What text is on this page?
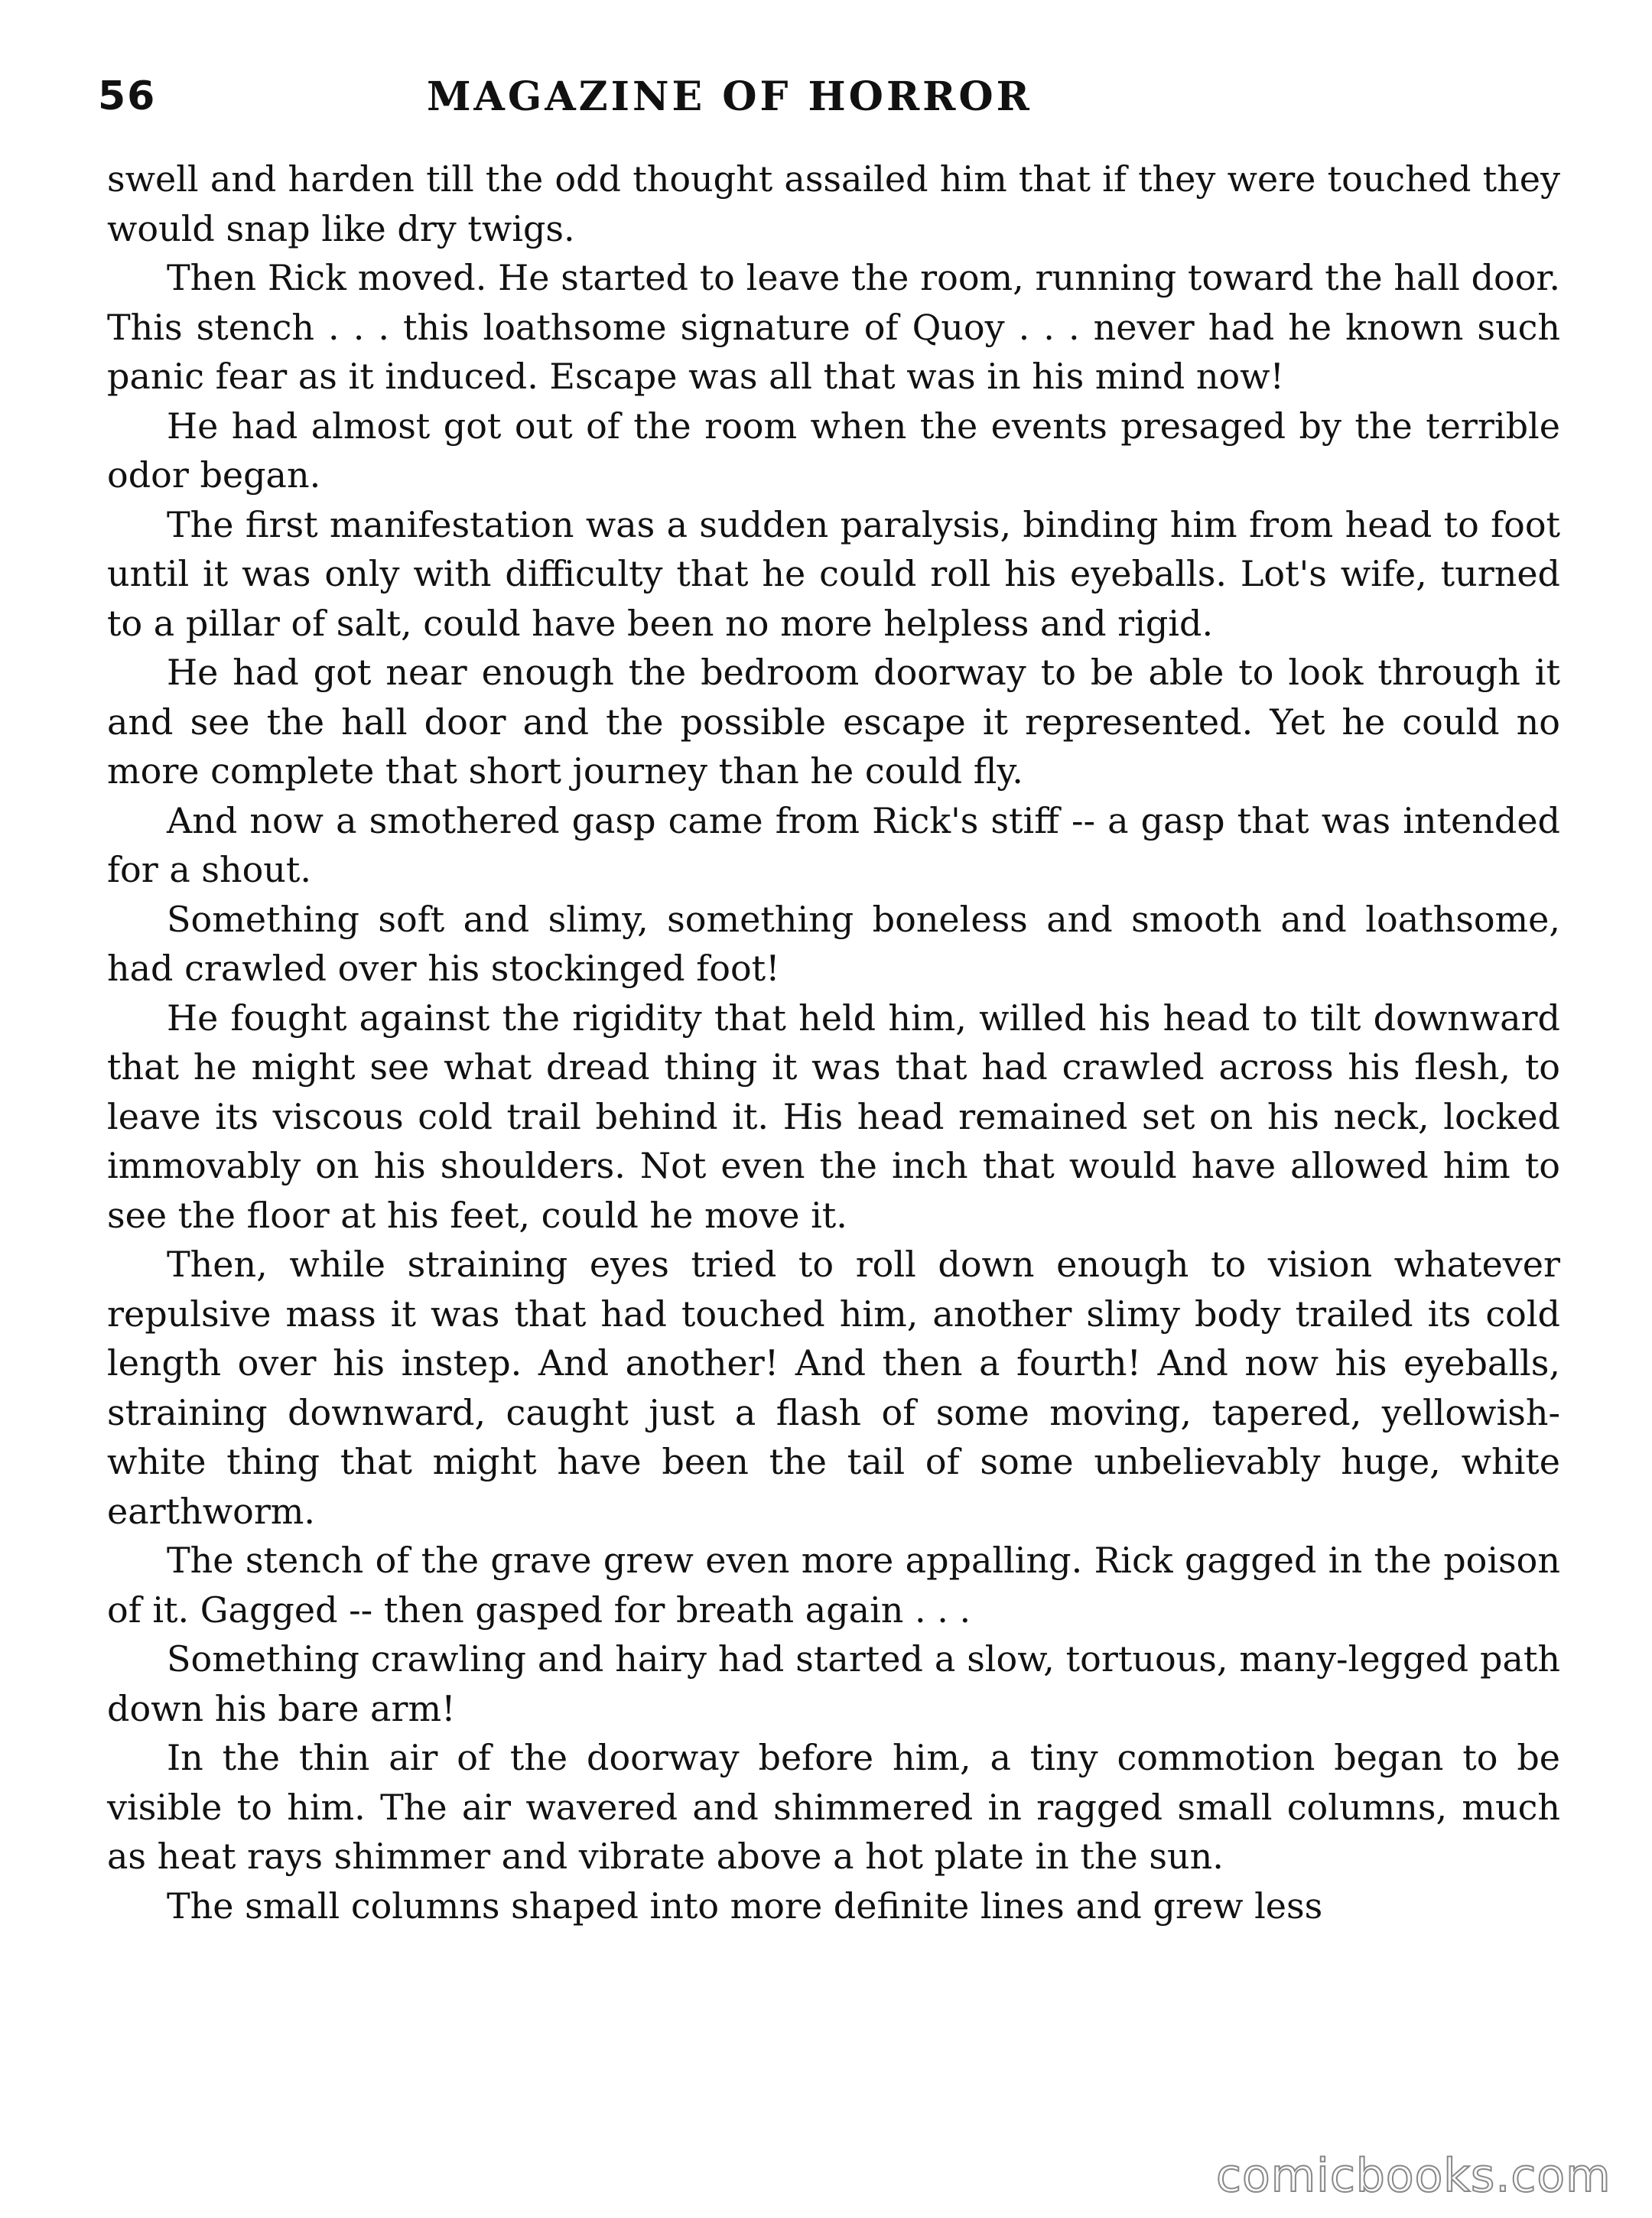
56	MAGAZINE OF HORROR

swell and harden till the odd thought assailed him that if they were touched they would snap like dry twigs.

Then Rick moved. He started to leave the room, running toward the hall door. This stench . . . this loathsome signature of Quoy . . . never had he known such panic fear as it induced. Escape was all that was in his mind now!

He had almost got out of the room when the events presaged by the terrible odor began.

The first manifestation was a sudden paralysis, binding him from head to foot until it was only with difficulty that he could roll his eyeballs. Lot's wife, turned to a pillar of salt, could have been no more helpless and rigid.

He had got near enough the bedroom doorway to be able to look through it and see the hall door and the possible escape it represented. Yet he could no more complete that short journey than he could fly.

And now a smothered gasp came from Rick's stiff -- a gasp that was intended for a shout.

Something soft and slimy, something boneless and smooth and loathsome, had crawled over his stockinged foot!

He fought against the rigidity that held him, willed his head to tilt downward that he might see what dread thing it was that had crawled across his flesh, to leave its viscous cold trail behind it. His head remained set on his neck, locked immovably on his shoulders. Not even the inch that would have allowed him to see the floor at his feet, could he move it.

Then, while straining eyes tried to roll down enough to vision whatever repulsive mass it was that had touched him, another slimy body trailed its cold length over his instep. And another! And then a fourth! And now his eyeballs, straining downward, caught just a flash of some moving, tapered, yellowish-white thing that might have been the tail of some unbelievably huge, white earthworm.

The stench of the grave grew even more appalling. Rick gagged in the poison of it. Gagged -- then gasped for breath again . . .

Something crawling and hairy had started a slow, tortuous, many-legged path down his bare arm!

In the thin air of the doorway before him, a tiny commotion began to be visible to him. The air wavered and shimmered in ragged small columns, much as heat rays shimmer and vibrate above a hot plate in the sun.

The small columns shaped into more definite lines and grew less

comicbooks.com
